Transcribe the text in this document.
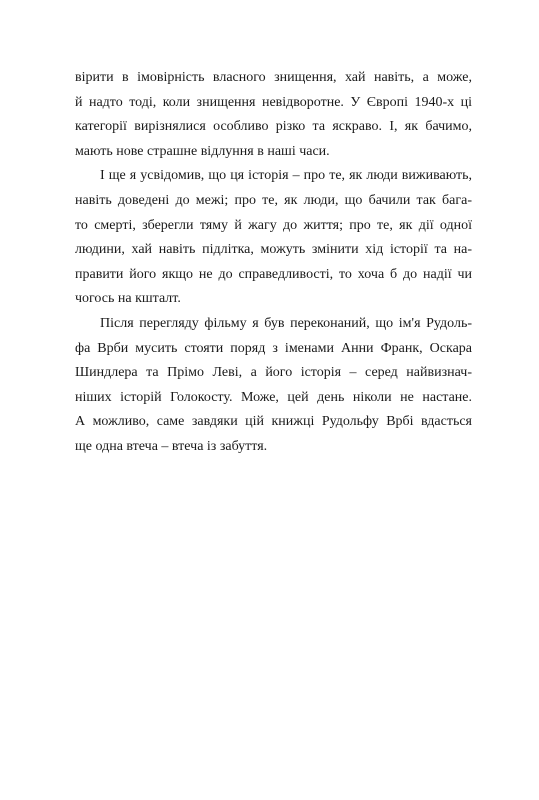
вірити в імовірність власного знищення, хай навіть, а може,
й надто тоді, коли знищення невідворотне. У Європі 1940-х ці
категорії вирізнялися особливо різко та яскраво. І, як бачимо,
мають нове страшне відлуння в наші часи.

І ще я усвідомив, що ця історія – про те, як люди виживають,
навіть доведені до межі; про те, як люди, що бачили так бага-
то смерті, зберегли тяму й жагу до життя; про те, як дії одної
людини, хай навіть підлітка, можуть змінити хід історії та на-
правити його якщо не до справедливості, то хоча б до надії чи
чогось на кшталт.

Після перегляду фільму я був переконаний, що ім'я Рудоль-
фа Врби мусить стояти поряд з іменами Анни Франк, Оскара
Шиндлера та Прімо Леві, а його історія – серед найвизнач-
ніших історій Голокосту. Може, цей день ніколи не настане.
А можливо, саме завдяки цій книжці Рудольфу Врбі вдасться
ще одна втеча – втеча із забуття.
